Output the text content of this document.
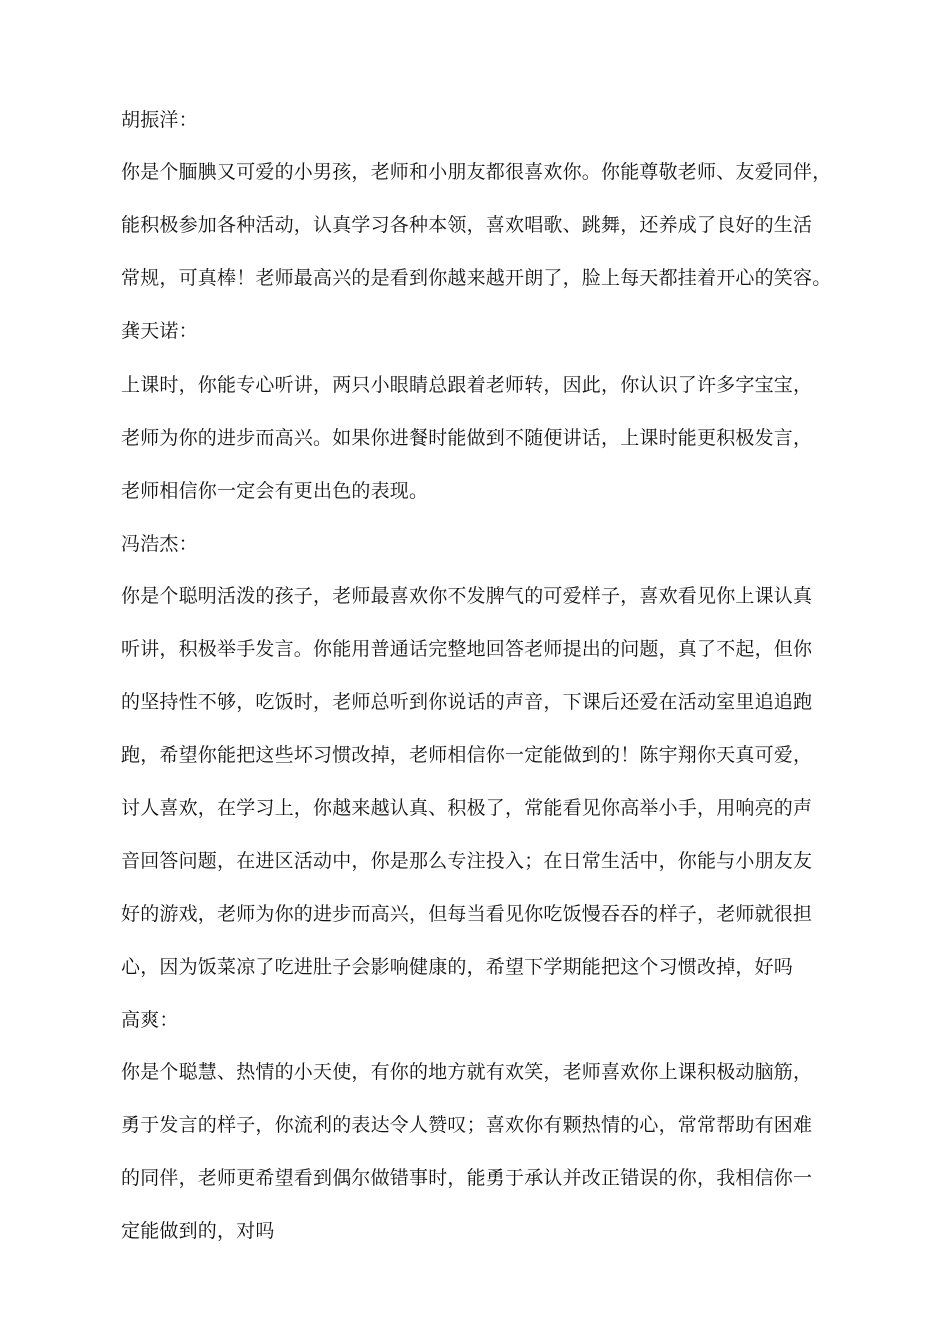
胡振洋：
你是个腼腆又可爱的小男孩，老师和小朋友都很喜欢你。你能尊敬老师、友爱同伴，
能积极参加各种活动，认真学习各种本领，喜欢唱歌、跳舞，还养成了良好的生活
常规，可真棒！老师最高兴的是看到你越来越开朗了，脸上每天都挂着开心的笑容。
龚天诺：
上课时，你能专心听讲，两只小眼睛总跟着老师转，因此，你认识了许多字宝宝，
老师为你的进步而高兴。如果你进餐时能做到不随便讲话，上课时能更积极发言，
老师相信你一定会有更出色的表现。
冯浩杰：
你是个聪明活泼的孩子，老师最喜欢你不发脾气的可爱样子，喜欢看见你上课认真
听讲，积极举手发言。你能用普通话完整地回答老师提出的问题，真了不起，但你
的坚持性不够，吃饭时，老师总听到你说话的声音，下课后还爱在活动室里追追跑
跑，希望你能把这些坏习惯改掉，老师相信你一定能做到的！陈宇翔你天真可爱，
讨人喜欢，在学习上，你越来越认真、积极了，常能看见你高举小手，用响亮的声
音回答问题，在进区活动中，你是那么专注投入；在日常生活中，你能与小朋友友
好的游戏，老师为你的进步而高兴，但每当看见你吃饭慢吞吞的样子，老师就很担
心，因为饭菜凉了吃进肚子会影响健康的，希望下学期能把这个习惯改掉，好吗
高爽：
你是个聪慧、热情的小天使，有你的地方就有欢笑，老师喜欢你上课积极动脑筋，
勇于发言的样子，你流利的表达令人赞叹；喜欢你有颗热情的心，常常帮助有困难
的同伴，老师更希望看到偶尔做错事时，能勇于承认并改正错误的你，我相信你一
定能做到的，对吗
